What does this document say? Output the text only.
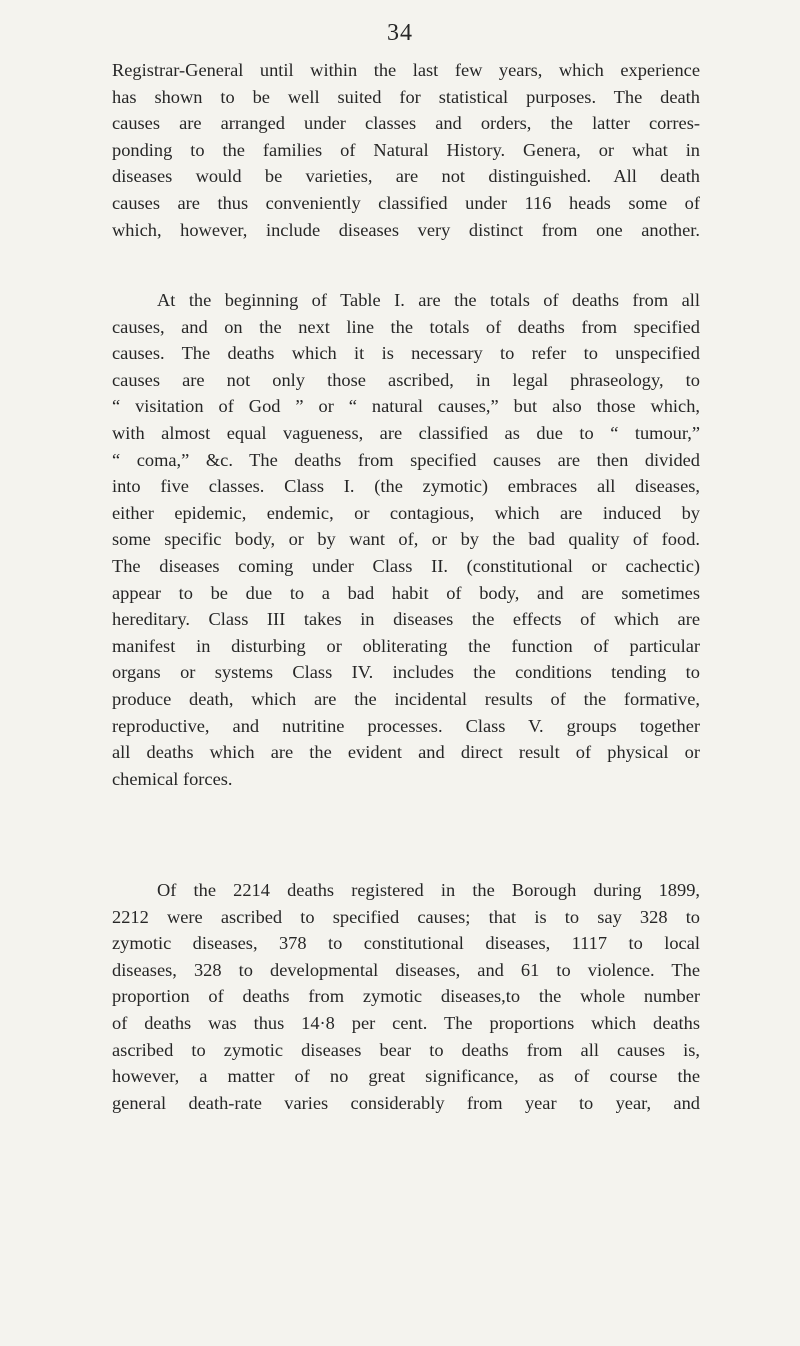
34

Registrar-General until within the last few years, which experience
has shown to be well suited for statistical purposes. The death
causes are arranged under classes and orders, the latter corres-
ponding to the families of Natural History. Genera, or what in
diseases would be varieties, are not distinguished. All death
causes are thus conveniently classified under 116 heads some of
which, however, include diseases very distinct from one another.
At the beginning of Table I. are the totals of deaths from all
causes, and on the next line the totals of deaths from specified
causes. The deaths which it is necessary to refer to unspecified
causes are not only those ascribed, in legal phraseology, to
“ visitation of God ” or “ natural causes,” but also those which,
with almost equal vagueness, are classified as due to “ tumour,”
“ coma,” &c. The deaths from specified causes are then divided
into five classes. Class I. (the zymotic) embraces all diseases,
either epidemic, endemic, or contagious, which are induced by
some specific body, or by want of, or by the bad quality of food.
The diseases coming under Class II. (constitutional or cachectic)
appear to be due to a bad habit of body, and are sometimes
hereditary. Class III takes in diseases the effects of which are
manifest in disturbing or obliterating the function of particular
organs or systems Class IV. includes the conditions tending to
produce death, which are the incidental results of the formative,
reproductive, and nutritine processes. Class V. groups together
all deaths which are the evident and direct result of physical or
chemical forces.
Of the 2214 deaths registered in the Borough during 1899,
2212 were ascribed to specified causes; that is to say 328 to
zymotic diseases, 378 to constitutional diseases, 1117 to local
diseases, 328 to developmental diseases, and 61 to violence. The
proportion of deaths from zymotic diseases,to the whole number
of deaths was thus 14·8 per cent. The proportions which deaths
ascribed to zymotic diseases bear to deaths from all causes is,
however, a matter of no great significance, as of course the
general death-rate varies considerably from year to year, and
